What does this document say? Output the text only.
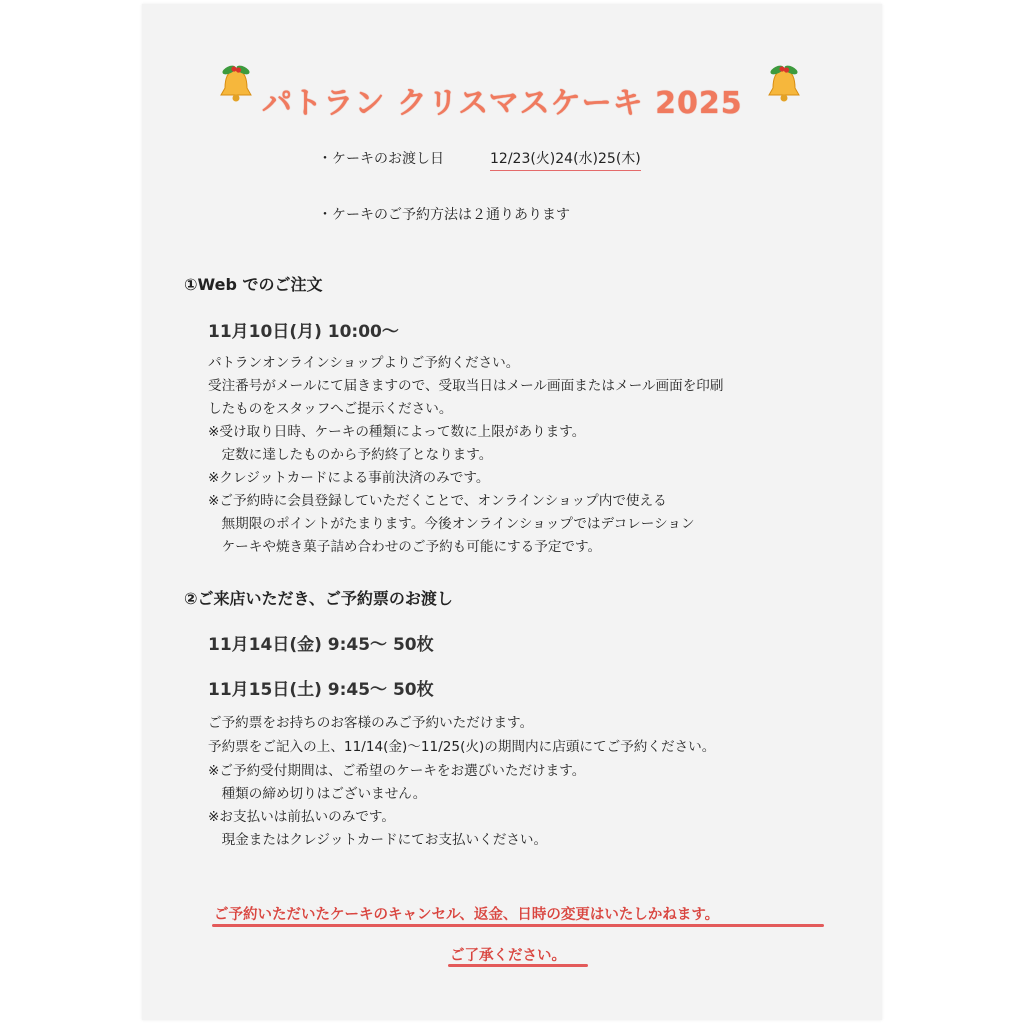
パトラン クリスマスケーキ 2025
・ケーキのお渡し日	12/23(火)24(水)25(木)
・ケーキのご予約方法は２通りあります
①Web でのご注文
11月10日(月) 10:00～
パトランオンラインショップよりご予約ください。
受注番号がメールにて届きますので、受取当日はメール画面またはメール画面を印刷
したものをスタッフへご提示ください。
※受け取り日時、ケーキの種類によって数に上限があります。
　定数に達したものから予約終了となります。
※クレジットカードによる事前決済のみです。
※ご予約時に会員登録していただくことで、オンラインショップ内で使える
　無期限のポイントがたまります。今後オンラインショップではデコレーション
　ケーキや焼き菓子詰め合わせのご予約も可能にする予定です。
②ご来店いただき、ご予約票のお渡し
11月14日(金) 9:45～ 50枚
11月15日(土) 9:45～ 50枚
ご予約票をお持ちのお客様のみご予約いただけます。
予約票をご記入の上、11/14(金)～11/25(火)の期間内に店頭にてご予約ください。
※ご予約受付期間は、ご希望のケーキをお選びいただけます。
　種類の締め切りはございません。
※お支払いは前払いのみです。
　現金またはクレジットカードにてお支払いください。
ご予約いただいたケーキのキャンセル、返金、日時の変更はいたしかねます。
ご了承ください。
